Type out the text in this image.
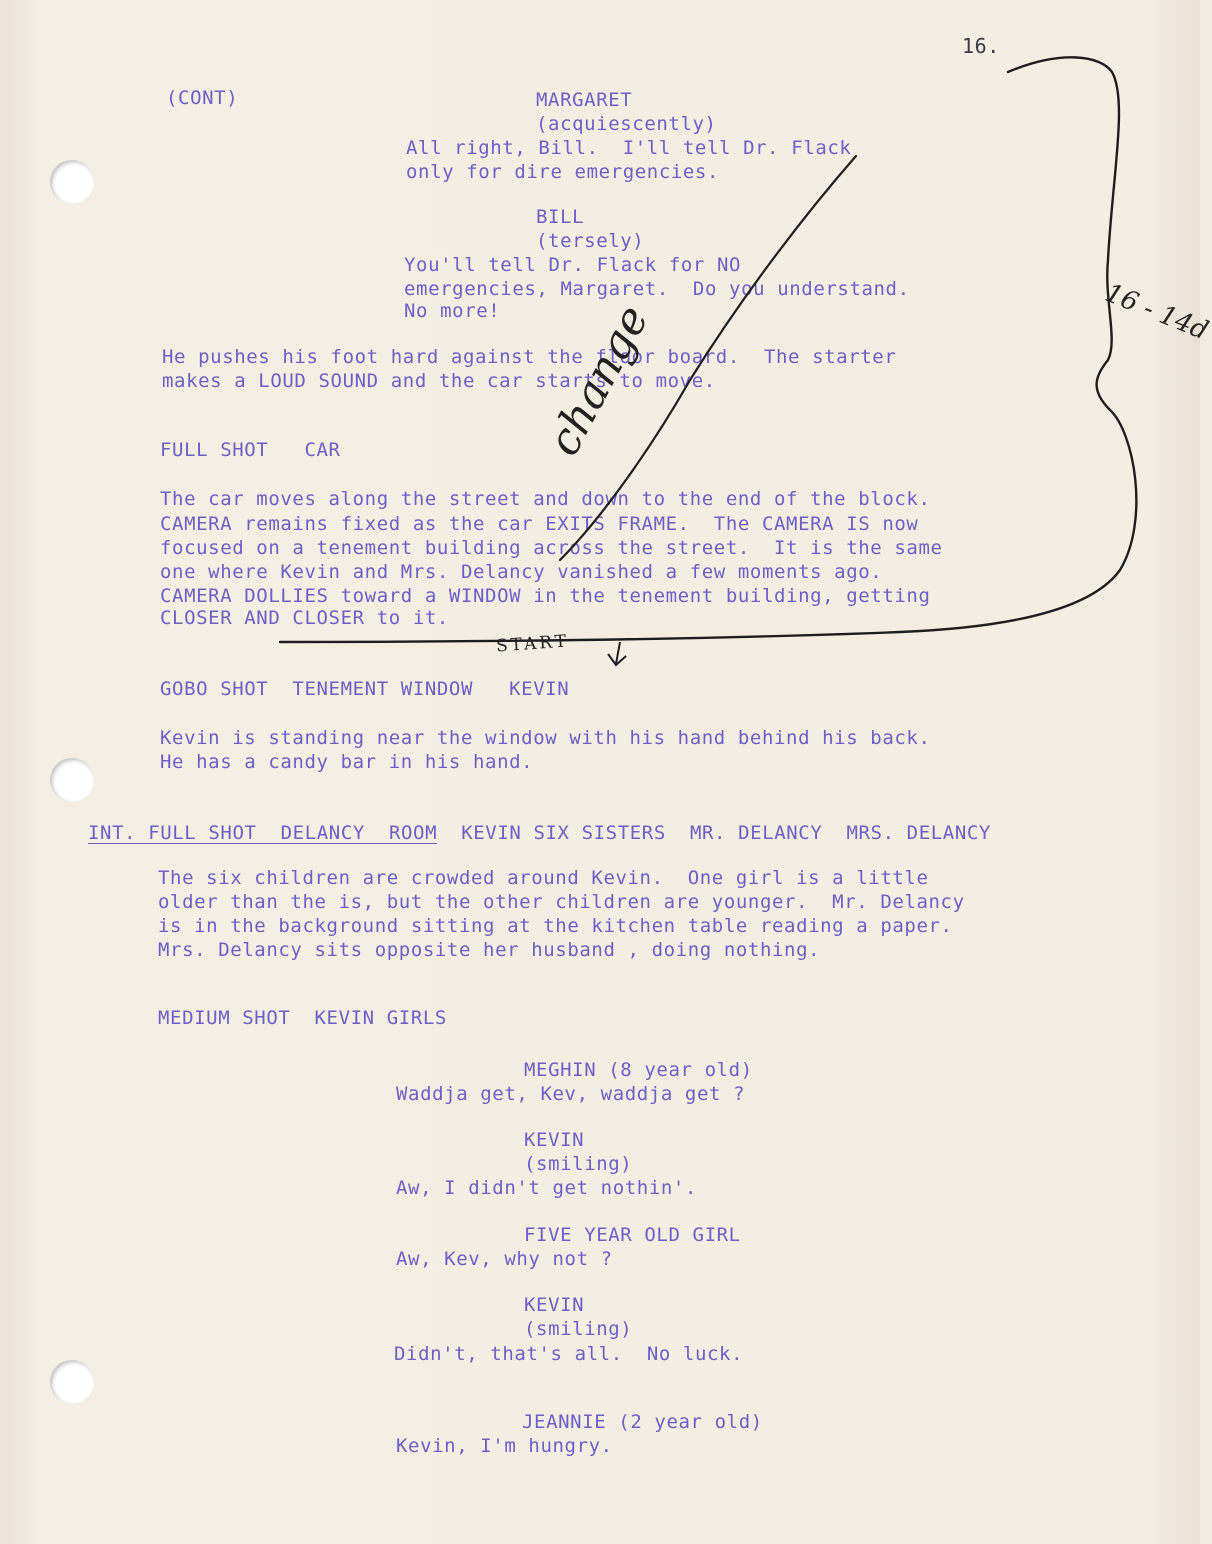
16.
(CONT)	MARGARET
(acquiescently)
All right, Bill.  I'll tell Dr. Flack
only for dire emergencies.
BILL
(tersely)
You'll tell Dr. Flack for NO
emergencies, Margaret.  Do you understand.
No more!
He pushes his foot hard against the floor board.  The starter
makes a LOUD SOUND and the car starts to move.
FULL SHOT   CAR
The car moves along the street and down to the end of the block.
CAMERA remains fixed as the car EXITS FRAME.  The CAMERA IS now
focused on a tenement building across the street.  It is the same
one where Kevin and Mrs. Delancy vanished a few moments ago.
CAMERA DOLLIES toward a WINDOW in the tenement building, getting
CLOSER AND CLOSER to it.
GOBO SHOT  TENEMENT WINDOW   KEVIN
Kevin is standing near the window with his hand behind his back.
He has a candy bar in his hand.
INT. FULL SHOT  DELANCY  ROOM  KEVIN SIX SISTERS  MR. DELANCY  MRS. DELANCY
The six children are crowded around Kevin.  One girl is a little
older than the is, but the other children are younger.  Mr. Delancy
is in the background sitting at the kitchen table reading a paper.
Mrs. Delancy sits opposite her husband , doing nothing.
MEDIUM SHOT  KEVIN GIRLS
MEGHIN (8 year old)
Waddja get, Kev, waddja get ?
KEVIN
(smiling)
Aw, I didn't get nothin'.
FIVE YEAR OLD GIRL
Aw, Kev, why not ?
KEVIN
(smiling)
Didn't, that's all.  No luck.
JEANNIE (2 year old)
Kevin, I'm hungry.
change	16 - 14d
START
